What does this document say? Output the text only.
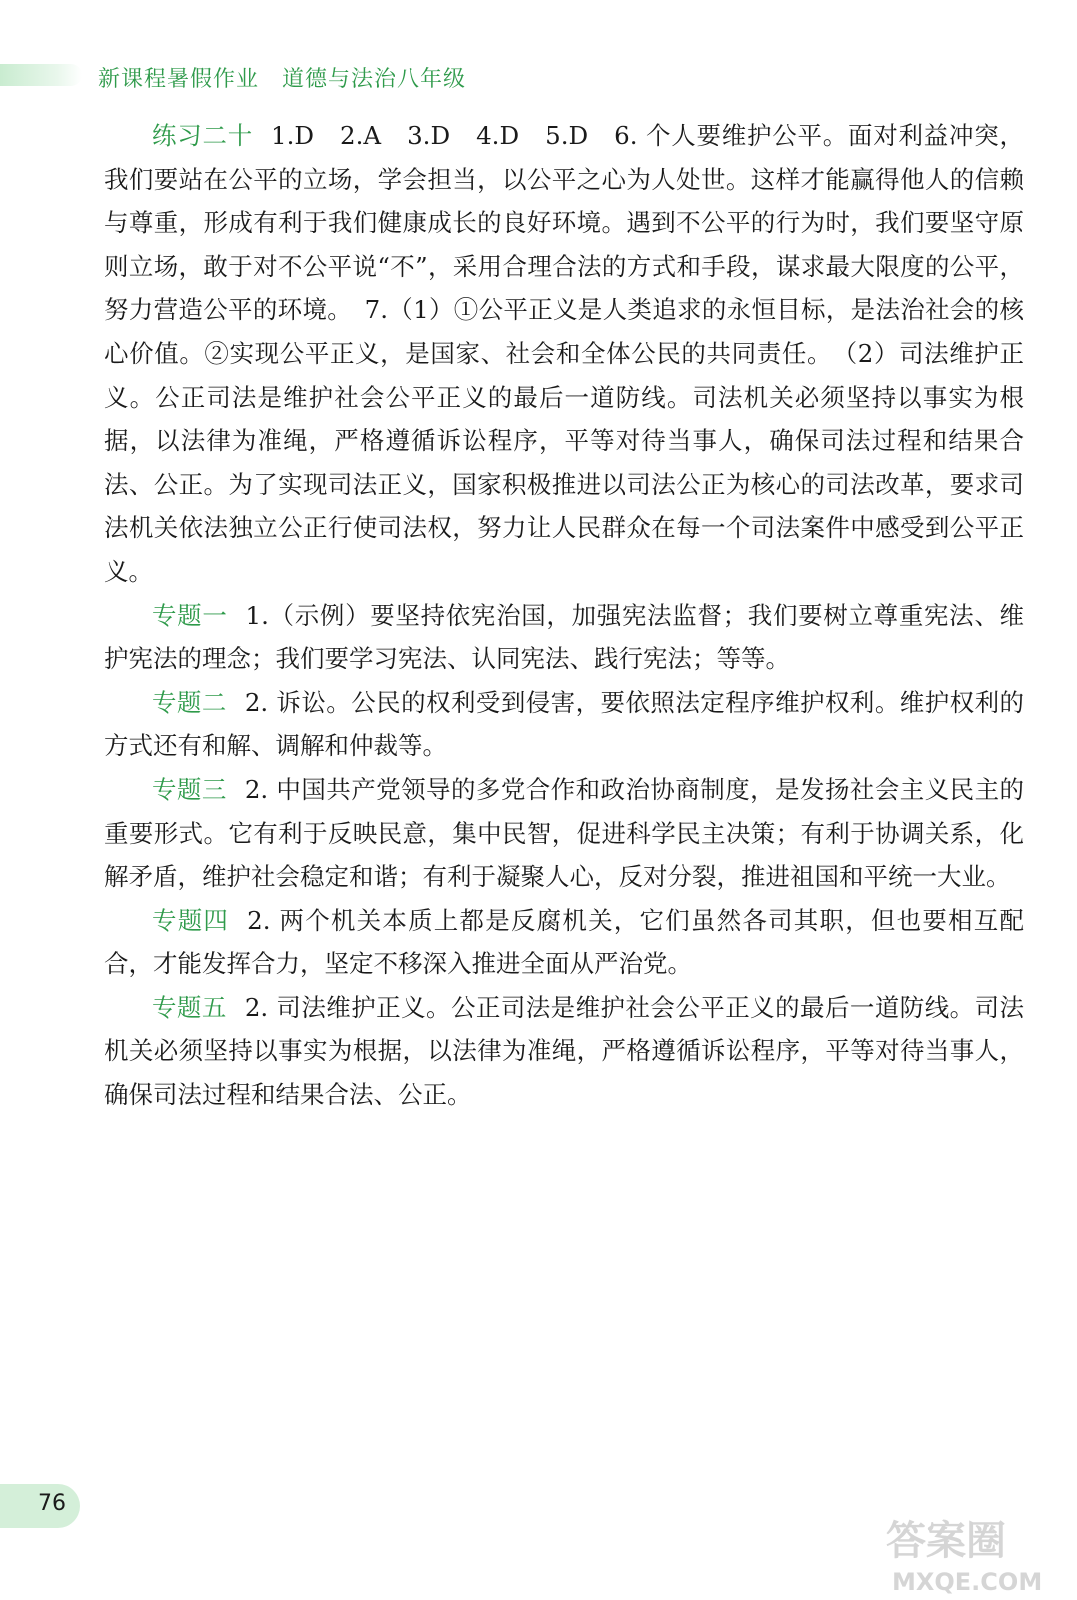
新课程暑假作业 道德与法治八年级

练习二十 1.D　2.A　3.D　4.D　5.D　6. 个人要维护公平。面对利益冲突，我们要站在公平的立场，学会担当，以公平之心为人处世。这样才能赢得他人的信赖与尊重，形成有利于我们健康成长的良好环境。遇到不公平的行为时，我们要坚守原则立场，敢于对不公平说“不”，采用合理合法的方式和手段，谋求最大限度的公平，努力营造公平的环境。　7.（1）①公平正义是人类追求的永恒目标，是法治社会的核心价值。②实现公平正义，是国家、社会和全体公民的共同责任。　（2）司法维护正义。公正司法是维护社会公平正义的最后一道防线。司法机关必须坚持以事实为根据，以法律为准绳，严格遵循诉讼程序，平等对待当事人，确保司法过程和结果合法、公正。为了实现司法正义，国家积极推进以司法公正为核心的司法改革，要求司法机关依法独立公正行使司法权，努力让人民群众在每一个司法案件中感受到公平正义。

专题一 1.（示例）要坚持依宪治国，加强宪法监督；我们要树立尊重宪法、维护宪法的理念；我们要学习宪法、认同宪法、践行宪法；等等。

专题二 2. 诉讼。公民的权利受到侵害，要依照法定程序维护权利。维护权利的方式还有和解、调解和仲裁等。

专题三 2. 中国共产党领导的多党合作和政治协商制度，是发扬社会主义民主的重要形式。它有利于反映民意，集中民智，促进科学民主决策；有利于协调关系，化解矛盾，维护社会稳定和谐；有利于凝聚人心，反对分裂，推进祖国和平统一大业。

专题四 2. 两个机关本质上都是反腐机关，它们虽然各司其职，但也要相互配合，才能发挥合力，坚定不移深入推进全面从严治党。

专题五 2. 司法维护正义。公正司法是维护社会公平正义的最后一道防线。司法机关必须坚持以事实为根据，以法律为准绳，严格遵循诉讼程序，平等对待当事人，确保司法过程和结果合法、公正。

76
答案圈
MXQE.COM
